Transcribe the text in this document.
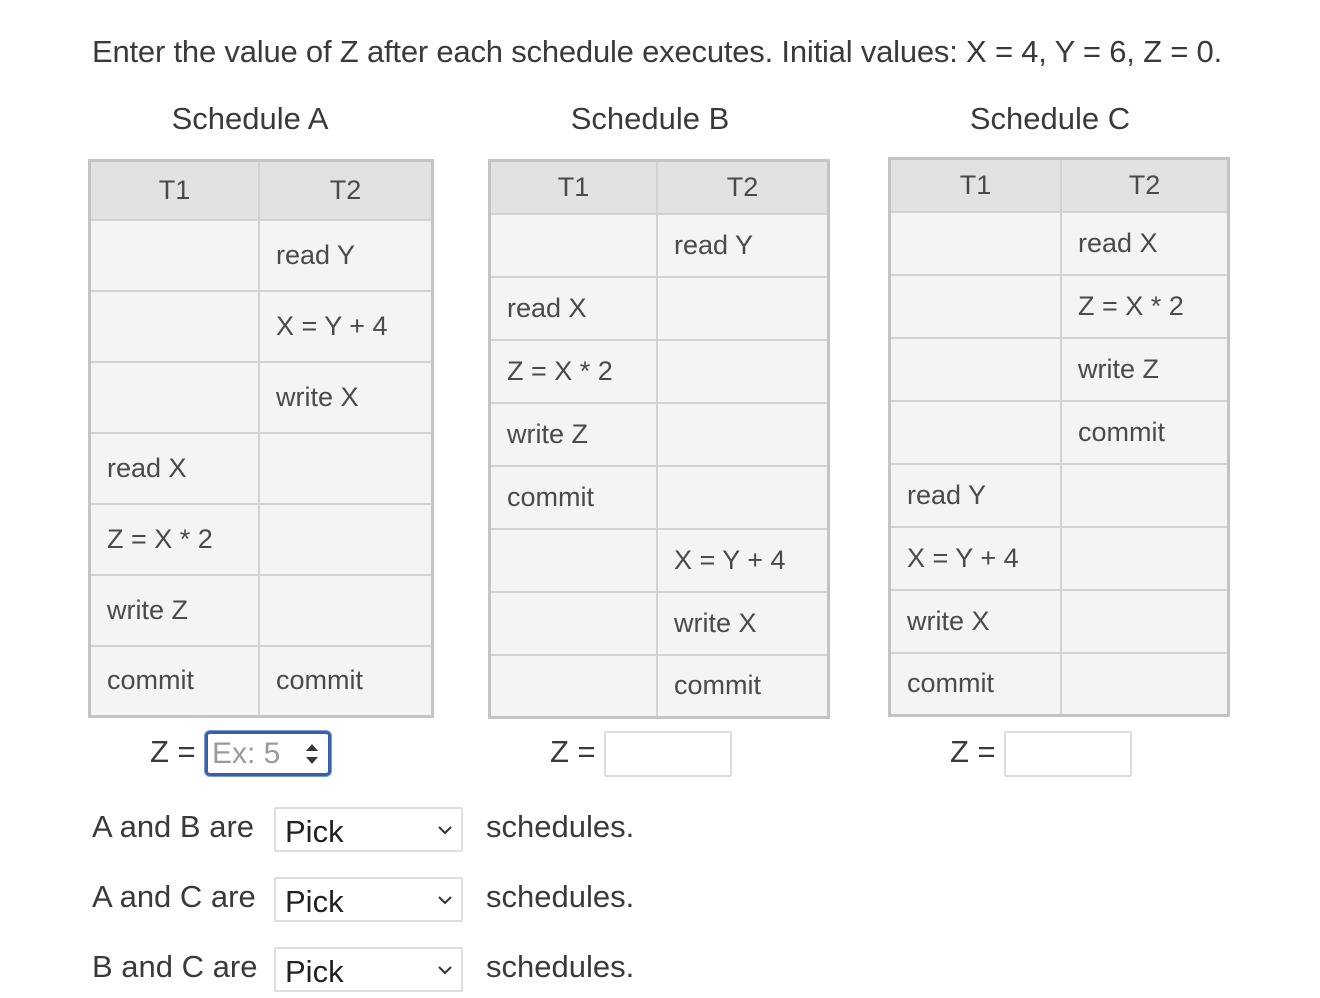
Enter the value of Z after each schedule executes. Initial values: X = 4, Y = 6, Z = 0.
Schedule A	Schedule B	Schedule C
T1	T2
	read Y
	X = Y + 4
	write X
read X	
Z = X * 2	
write Z	
commit	commit
T1	T2
	read Y
read X	
Z = X * 2	
write Z	
commit	
	X = Y + 4
	write X
	commit
T1	T2
	read X
	Z = X * 2
	write Z
	commit
read Y	
X = Y + 4	
write X	
commit	
Z =
Ex: 5	Z =	Z =
A and B are Pick	schedules.
A and C are Pick	schedules.
B and C are Pick	schedules.
